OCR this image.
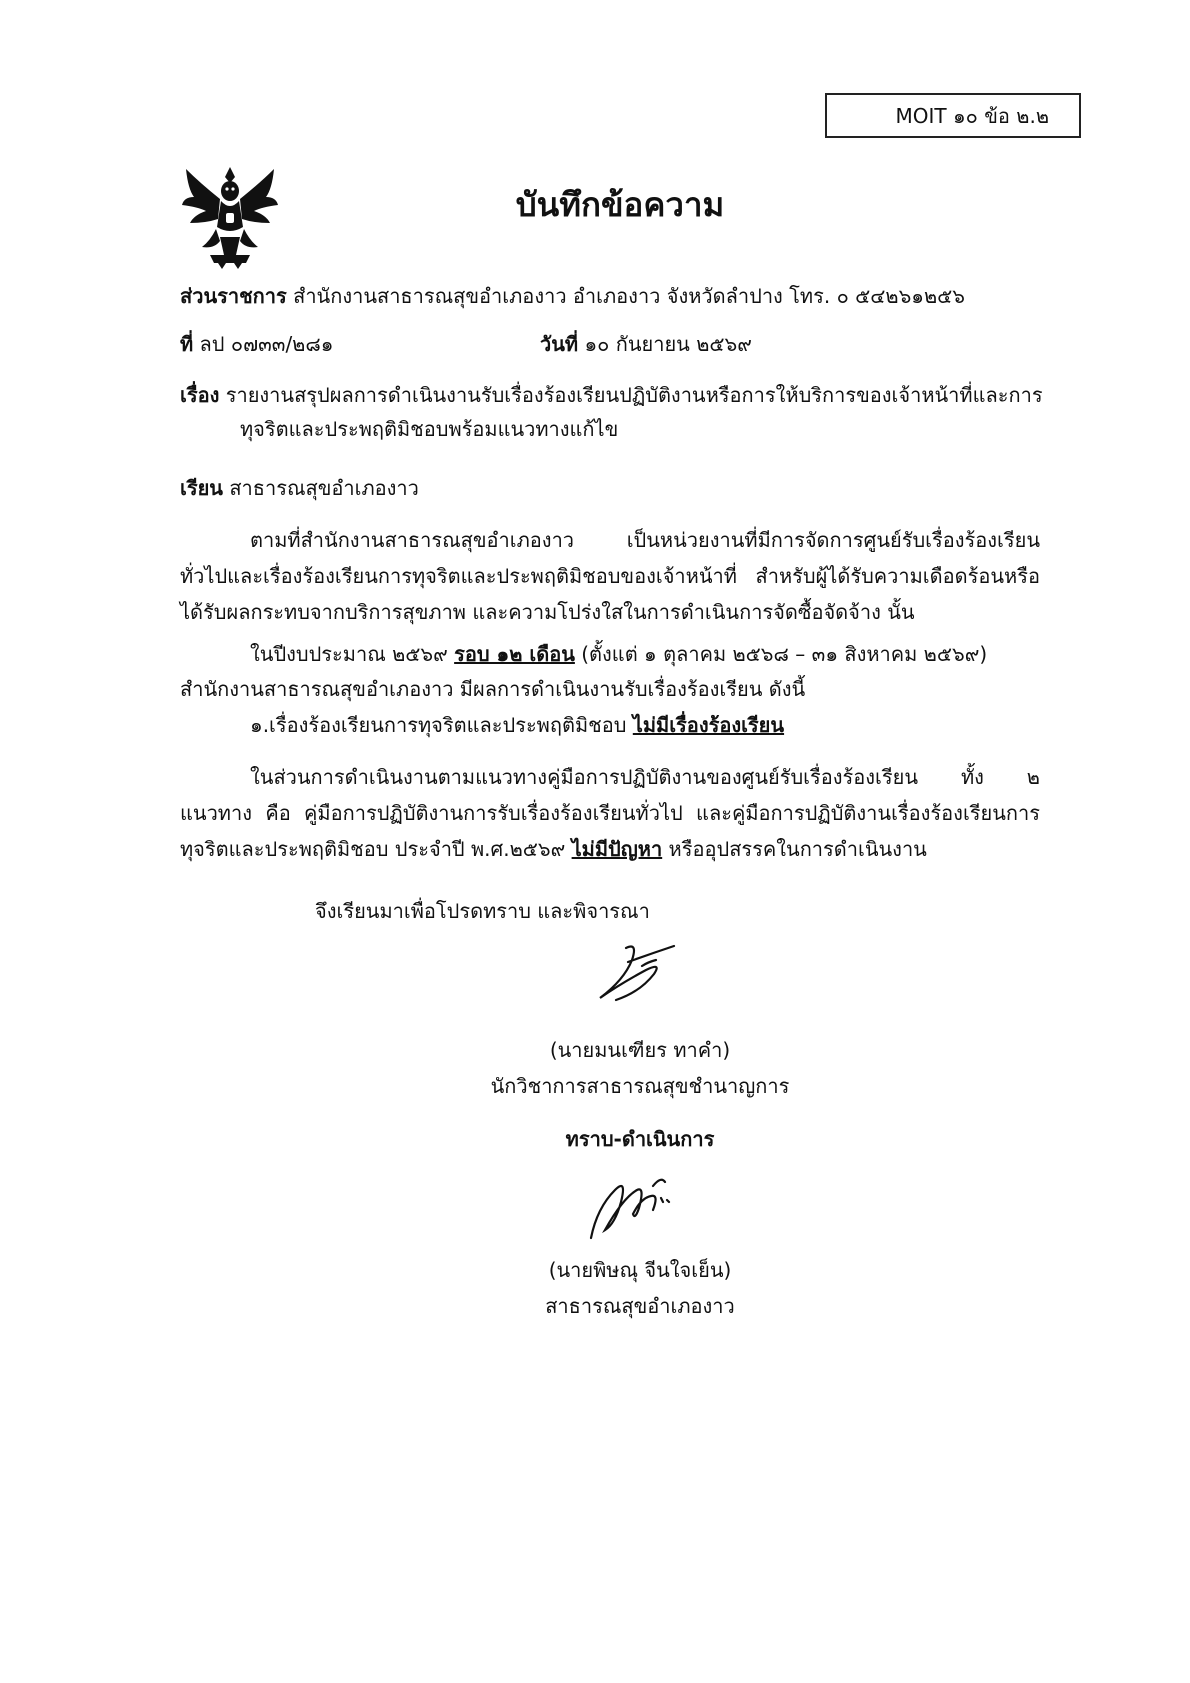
MOIT ๑๐ ข้อ ๒.๒
บันทึกข้อความ
ส่วนราชการ สำนักงานสาธารณสุขอำเภองาว อำเภองาว จังหวัดลำปาง โทร. ๐ ๕๔๒๖๑๒๕๖
ที่ ลป ๐๗๓๓/๒๘๑	วันที่ ๑๐ กันยายน ๒๕๖๙
เรื่อง รายงานสรุปผลการดำเนินงานรับเรื่องร้องเรียนปฏิบัติงานหรือการให้บริการของเจ้าหน้าที่และการ
ทุจริตและประพฤติมิชอบพร้อมแนวทางแก้ไข
เรียน สาธารณสุขอำเภองาว
ตามที่สำนักงานสาธารณสุขอำเภองาว เป็นหน่วยงานที่มีการจัดการศูนย์รับเรื่องร้องเรียนทั่วไปและเรื่องร้องเรียนการทุจริตและประพฤติมิชอบของเจ้าหน้าที่ สำหรับผู้ได้รับความเดือดร้อนหรือได้รับผลกระทบจากบริการสุขภาพ และความโปร่งใสในการดำเนินการจัดซื้อจัดจ้าง นั้น
ในปีงบประมาณ ๒๕๖๙ รอบ ๑๒ เดือน (ตั้งแต่ ๑ ตุลาคม ๒๕๖๘ – ๓๑ สิงหาคม ๒๕๖๙)
สำนักงานสาธารณสุขอำเภองาว มีผลการดำเนินงานรับเรื่องร้องเรียน ดังนี้
๑.เรื่องร้องเรียนการทุจริตและประพฤติมิชอบ ไม่มีเรื่องร้องเรียน
ในส่วนการดำเนินงานตามแนวทางคู่มือการปฏิบัติงานของศูนย์รับเรื่องร้องเรียน ทั้ง ๒ แนวทาง คือ คู่มือการปฏิบัติงานการรับเรื่องร้องเรียนทั่วไป และคู่มือการปฏิบัติงานเรื่องร้องเรียนการทุจริตและประพฤติมิชอบ ประจำปี พ.ศ.๒๕๖๙ ไม่มีปัญหา หรืออุปสรรคในการดำเนินงาน
จึงเรียนมาเพื่อโปรดทราบ และพิจารณา
(นายมนเฑียร ทาคำ)
นักวิชาการสาธารณสุขชำนาญการ
ทราบ-ดำเนินการ
(นายพิษณุ จีนใจเย็น)
สาธารณสุขอำเภองาว
